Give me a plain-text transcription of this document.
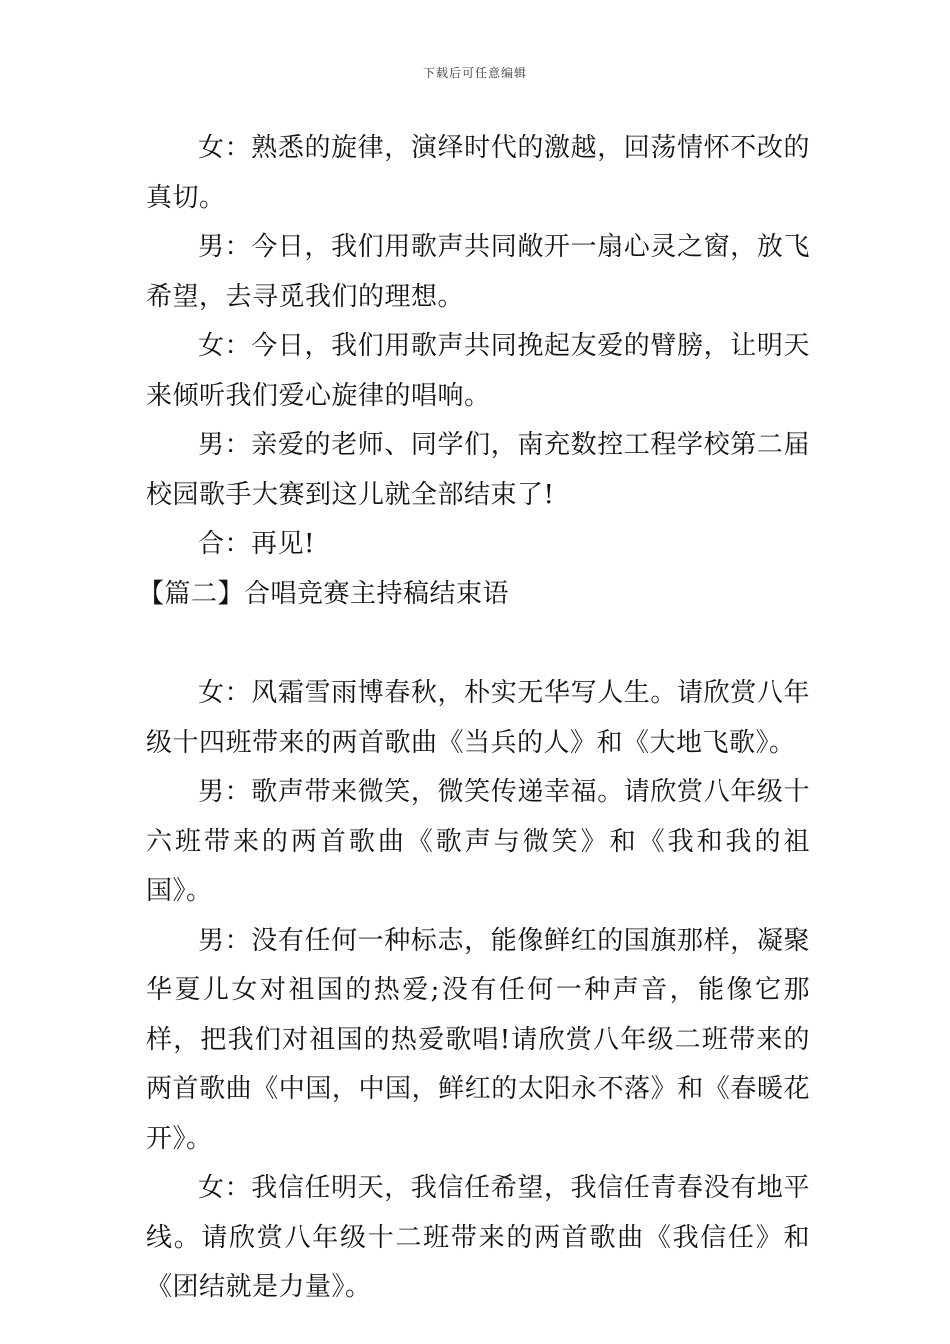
下载后可任意编辑

女：熟悉的旋律，演绎时代的激越，回荡情怀不改的真切。

男：今日，我们用歌声共同敞开一扇心灵之窗，放飞希望，去寻觅我们的理想。

女：今日，我们用歌声共同挽起友爱的臂膀，让明天来倾听我们爱心旋律的唱响。

男：亲爱的老师、同学们，南充数控工程学校第二届校园歌手大赛到这儿就全部结束了!

合：再见!

【篇二】合唱竞赛主持稿结束语

女：风霜雪雨博春秋，朴实无华写人生。请欣赏八年级十四班带来的两首歌曲《当兵的人》和《大地飞歌》。

男：歌声带来微笑，微笑传递幸福。请欣赏八年级十六班带来的两首歌曲《歌声与微笑》和《我和我的祖国》。

男：没有任何一种标志，能像鲜红的国旗那样，凝聚华夏儿女对祖国的热爱;没有任何一种声音，能像它那样，把我们对祖国的热爱歌唱!请欣赏八年级二班带来的两首歌曲《中国，中国，鲜红的太阳永不落》和《春暖花开》。

女：我信任明天，我信任希望，我信任青春没有地平线。请欣赏八年级十二班带来的两首歌曲《我信任》和《团结就是力量》。
